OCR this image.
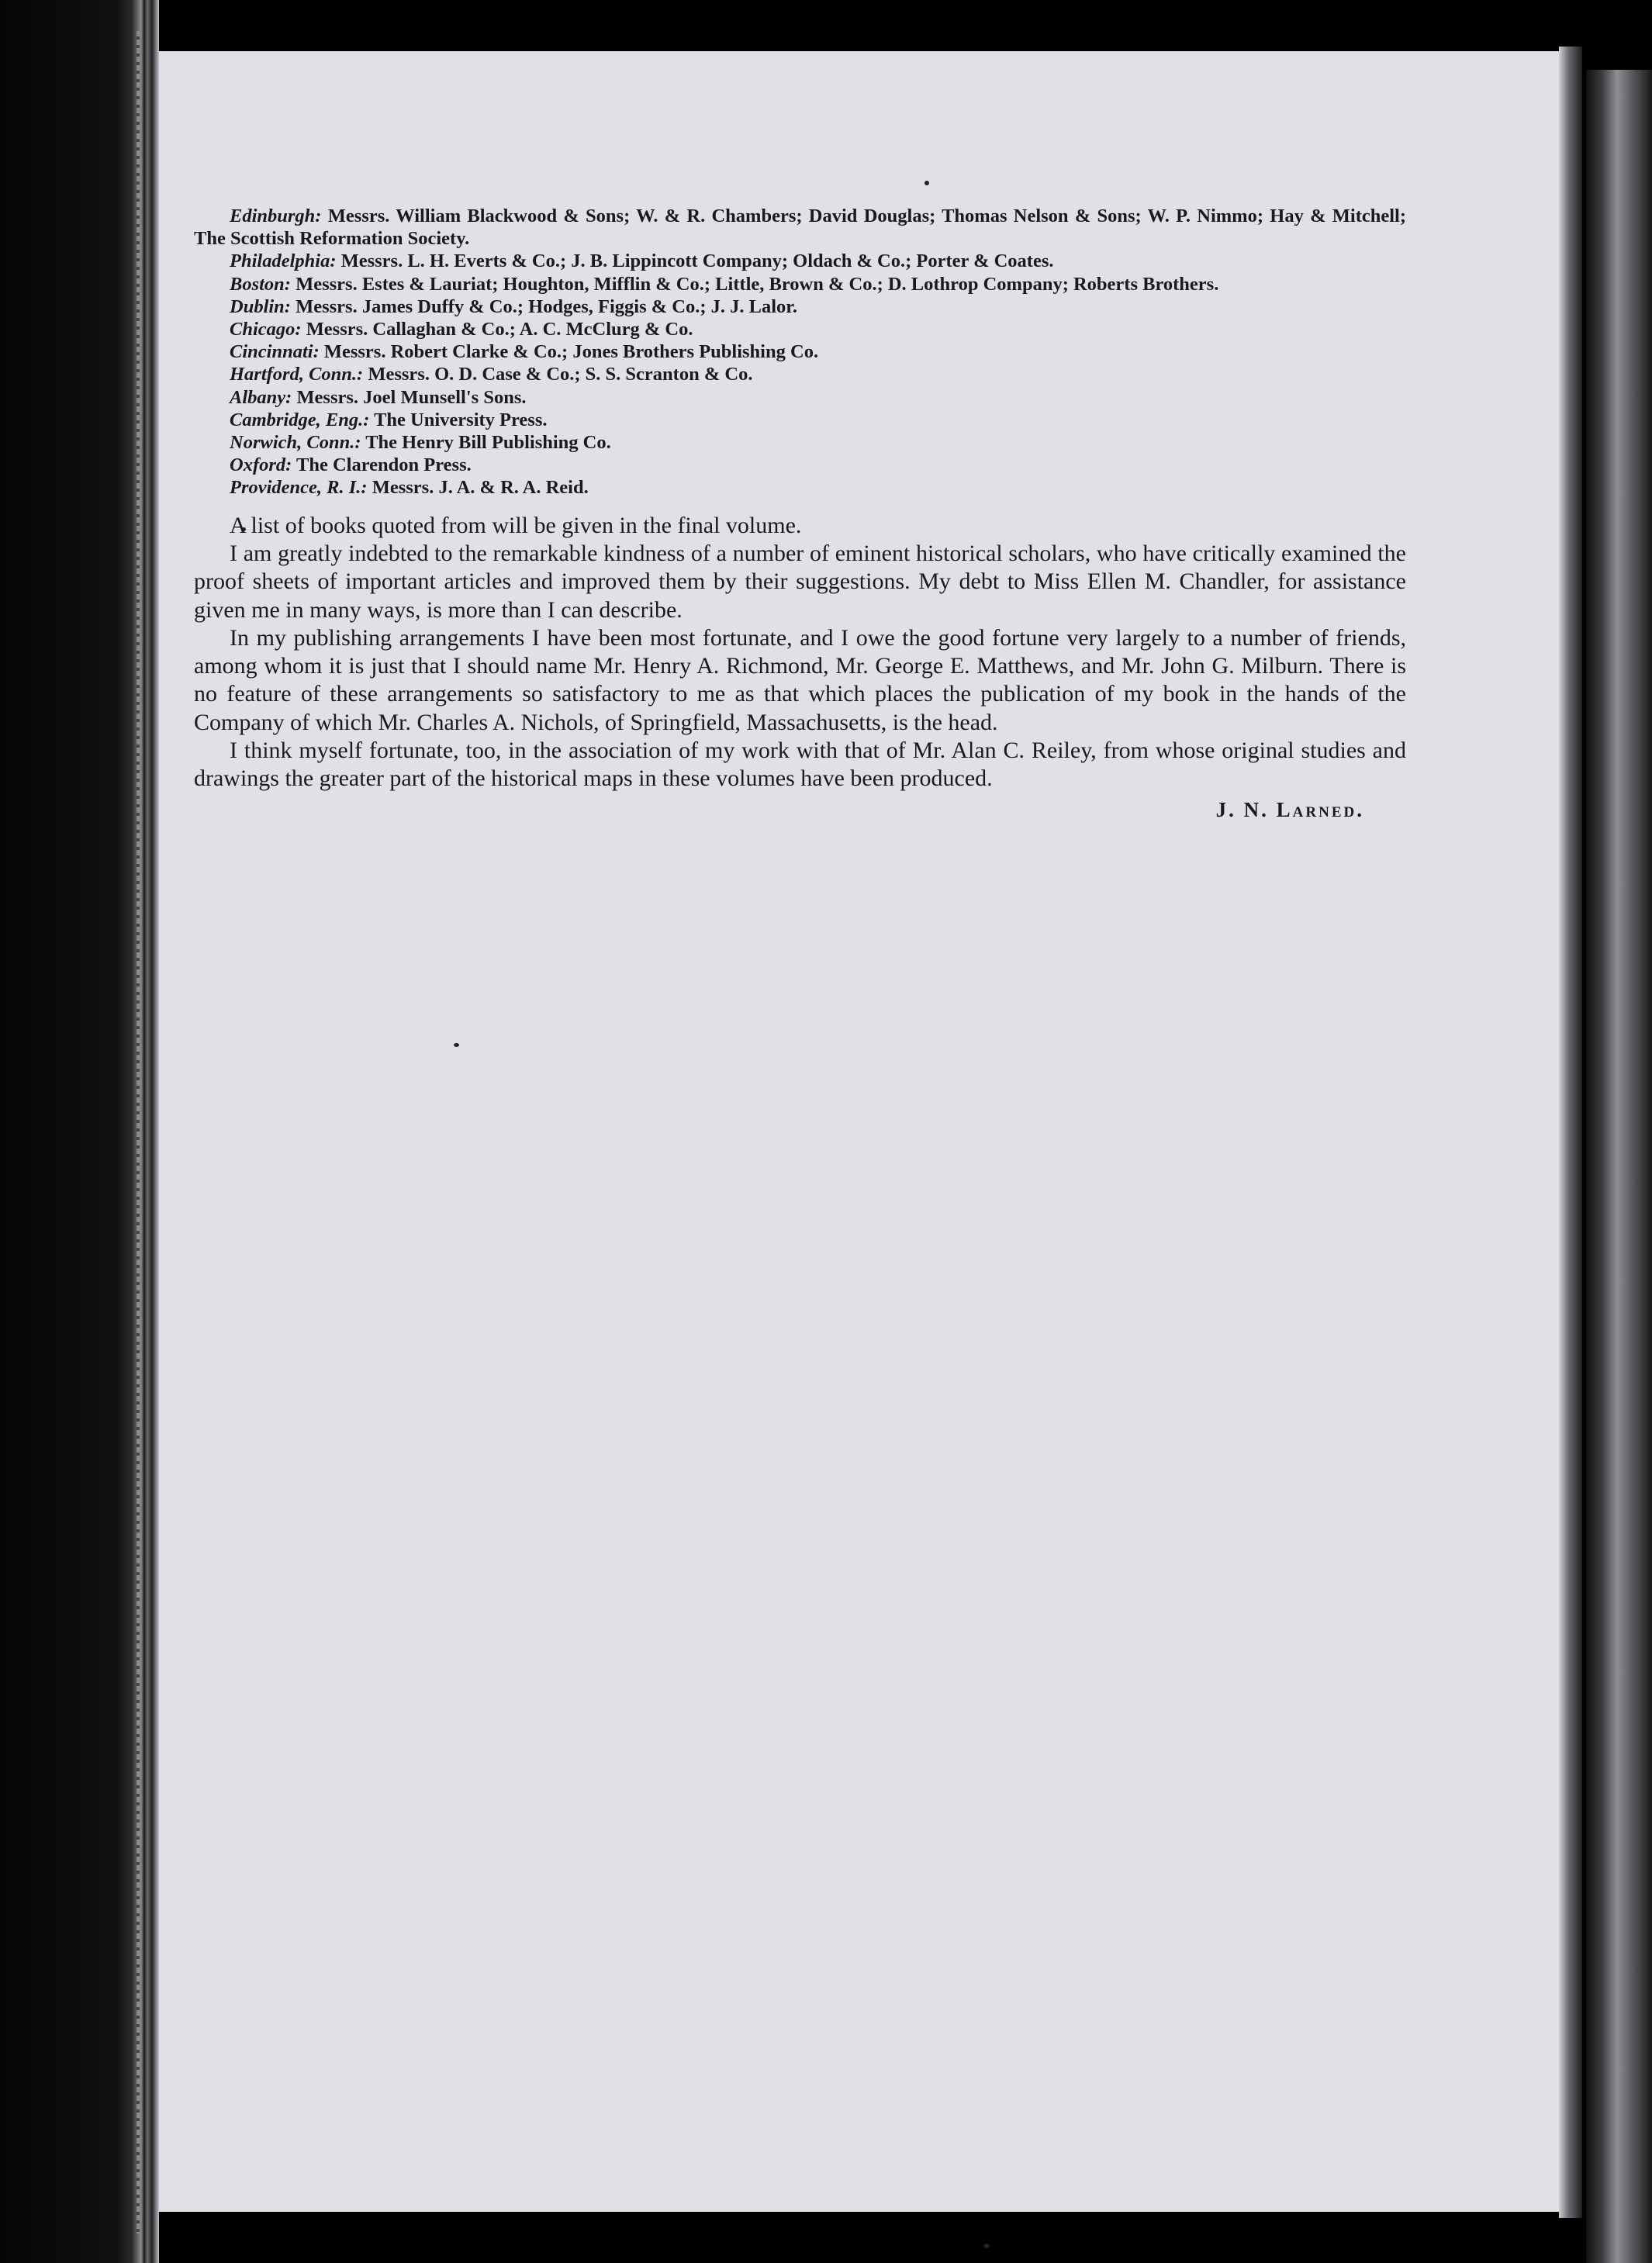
Edinburgh: Messrs. William Blackwood & Sons; W. & R. Chambers; David Douglas; Thomas Nelson & Sons; W. P. Nimmo; Hay & Mitchell; The Scottish Reformation Society.
Philadelphia: Messrs. L. H. Everts & Co.; J. B. Lippincott Company; Oldach & Co.; Porter & Coates.
Boston: Messrs. Estes & Lauriat; Houghton, Mifflin & Co.; Little, Brown & Co.; D. Lothrop Company; Roberts Brothers.
Dublin: Messrs. James Duffy & Co.; Hodges, Figgis & Co.; J. J. Lalor.
Chicago: Messrs. Callaghan & Co.; A. C. McClurg & Co.
Cincinnati: Messrs. Robert Clarke & Co.; Jones Brothers Publishing Co.
Hartford, Conn.: Messrs. O. D. Case & Co.; S. S. Scranton & Co.
Albany: Messrs. Joel Munsell's Sons.
Cambridge, Eng.: The University Press.
Norwich, Conn.: The Henry Bill Publishing Co.
Oxford: The Clarendon Press.
Providence, R. I.: Messrs. J. A. & R. A. Reid.

A list of books quoted from will be given in the final volume.

I am greatly indebted to the remarkable kindness of a number of eminent historical scholars, who have critically examined the proof sheets of important articles and improved them by their suggestions. My debt to Miss Ellen M. Chandler, for assistance given me in many ways, is more than I can describe.

In my publishing arrangements I have been most fortunate, and I owe the good fortune very largely to a number of friends, among whom it is just that I should name Mr. Henry A. Richmond, Mr. George E. Matthews, and Mr. John G. Milburn. There is no feature of these arrangements so satisfactory to me as that which places the publication of my book in the hands of the Company of which Mr. Charles A. Nichols, of Springfield, Massachusetts, is the head.

I think myself fortunate, too, in the association of my work with that of Mr. Alan C. Reiley, from whose original studies and drawings the greater part of the historical maps in these volumes have been produced.

J. N. Larned.
